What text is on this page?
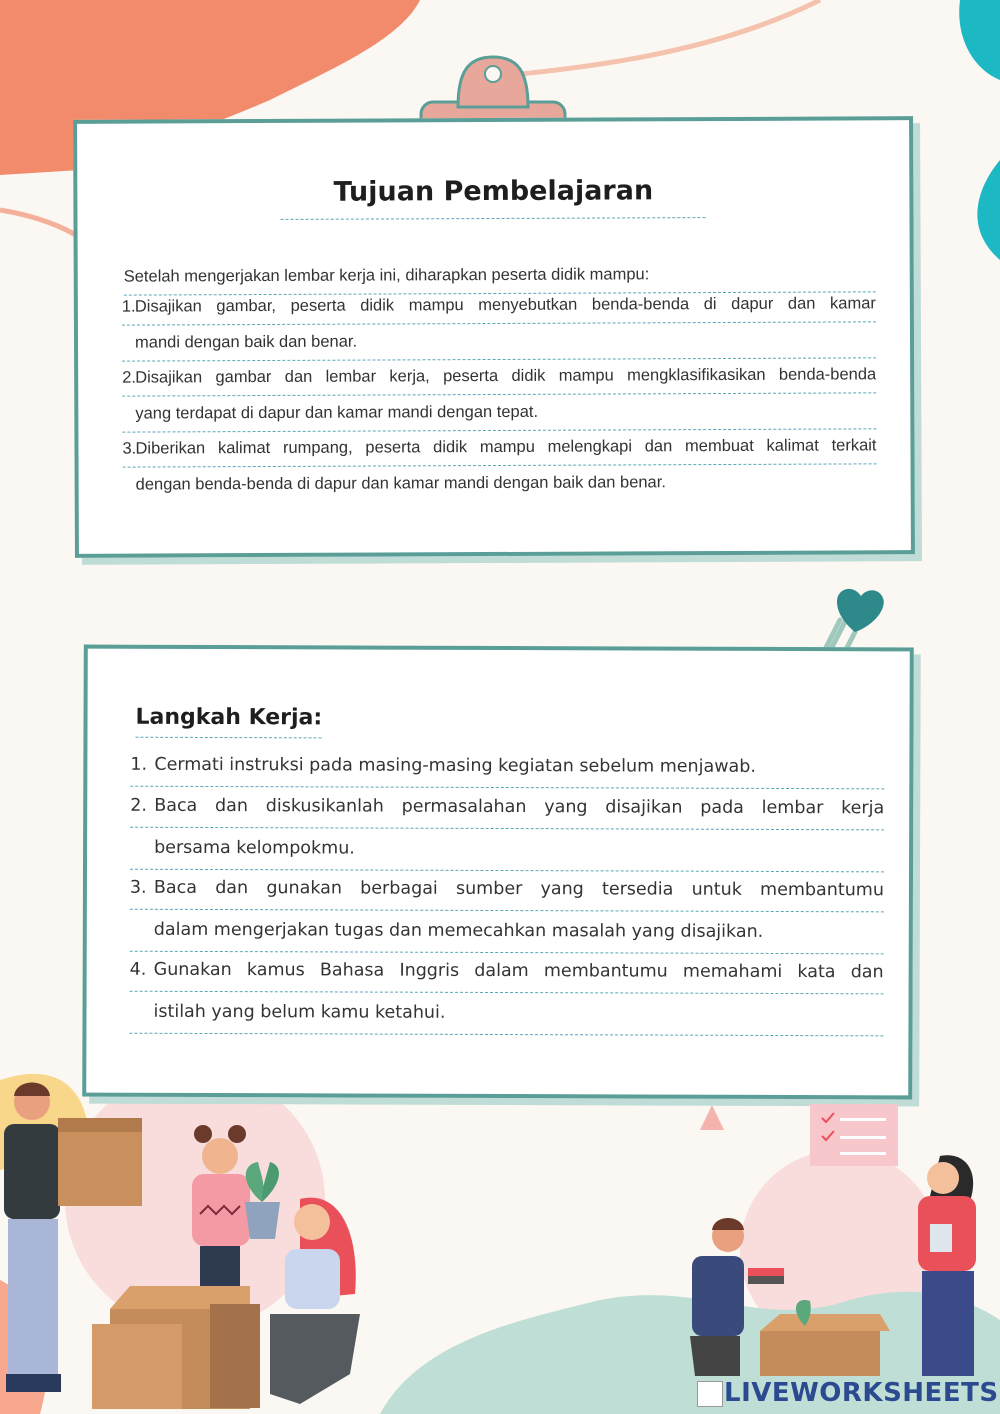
Tujuan Pembelajaran
Setelah mengerjakan lembar kerja ini, diharapkan peserta didik mampu:
1.Disajikan gambar, peserta didik mampu menyebutkan benda-benda di dapur dan kamar
mandi dengan baik dan benar.
2.Disajikan gambar dan lembar kerja, peserta didik mampu mengklasifikasikan benda-benda
yang terdapat di dapur dan kamar mandi dengan tepat.
3.Diberikan kalimat rumpang, peserta didik mampu melengkapi dan membuat kalimat terkait
dengan benda-benda di dapur dan kamar mandi dengan baik dan benar.
Langkah Kerja:
1. Cermati instruksi pada masing-masing kegiatan sebelum menjawab.
2. Baca dan diskusikanlah permasalahan yang disajikan pada lembar kerja
bersama kelompokmu.
3. Baca dan gunakan berbagai sumber yang tersedia untuk membantumu
dalam mengerjakan tugas dan memecahkan masalah yang disajikan.
4. Gunakan kamus Bahasa Inggris dalam membantumu memahami kata dan
istilah yang belum kamu ketahui.
LIVEWORKSHEETS
